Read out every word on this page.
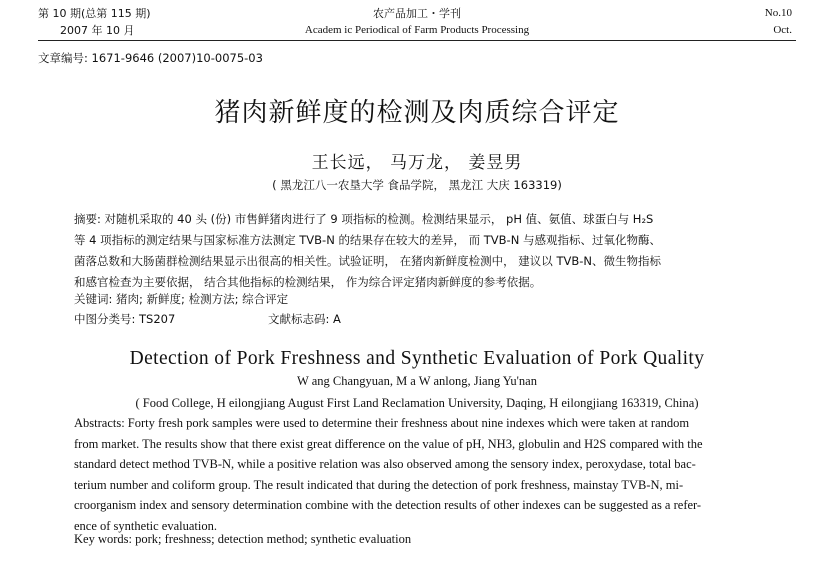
第 10 期(总第 115 期)
2007 年 10 月
农产品加工・学刊
Academ ic Periodical of Farm Products Processing
No.10
Oct.
文章编号: 1671-9646 (2007)10-0075-03
猪肉新鲜度的检测及肉质综合评定
王长远， 马万龙， 姜昱男
( 黑龙江八一农垦大学 食品学院， 黑龙江 大庆 163319)
摘要: 对随机采取的 40 头 (份) 市售鲜猪肉进行了 9 项指标的检测。检测结果显示， pH 值、氨值、球蛋白与 H₂S
等 4 项指标的测定结果与国家标准方法测定 TVB-N 的结果存在较大的差异， 而 TVB-N 与感观指标、过氧化物酶、
菌落总数和大肠菌群检测结果显示出很高的相关性。试验证明， 在猪肉新鲜度检测中， 建议以 TVB-N、微生物指标
和感官检查为主要依据， 结合其他指标的检测结果， 作为综合评定猪肉新鲜度的参考依据。
关键词: 猪肉; 新鲜度; 检测方法; 综合评定
中图分类号: TS207	文献标志码: A
Detection of Pork Freshness and Synthetic Evaluation of Pork Quality
W ang Changyuan, M a W anlong, Jiang Yu'nan
( Food College, H eilongjiang August First Land Reclamation University, Daqing, H eilongjiang 163319, China)
Abstracts: Forty fresh pork samples were used to determine their freshness about nine indexes which were taken at random
from market. The results show that there exist great difference on the value of pH, NH3, globulin and H2S compared with the
standard detect method TVB-N, while a positive relation was also observed among the sensory index, peroxydase, total bac-
terium number and coliform group. The result indicated that during the detection of pork freshness, mainstay TVB-N, mi-
croorganism index and sensory determination combine with the detection results of other indexes can be suggested as a refer-
ence of synthetic evaluation.
Key words: pork; freshness; detection method; synthetic evaluation
